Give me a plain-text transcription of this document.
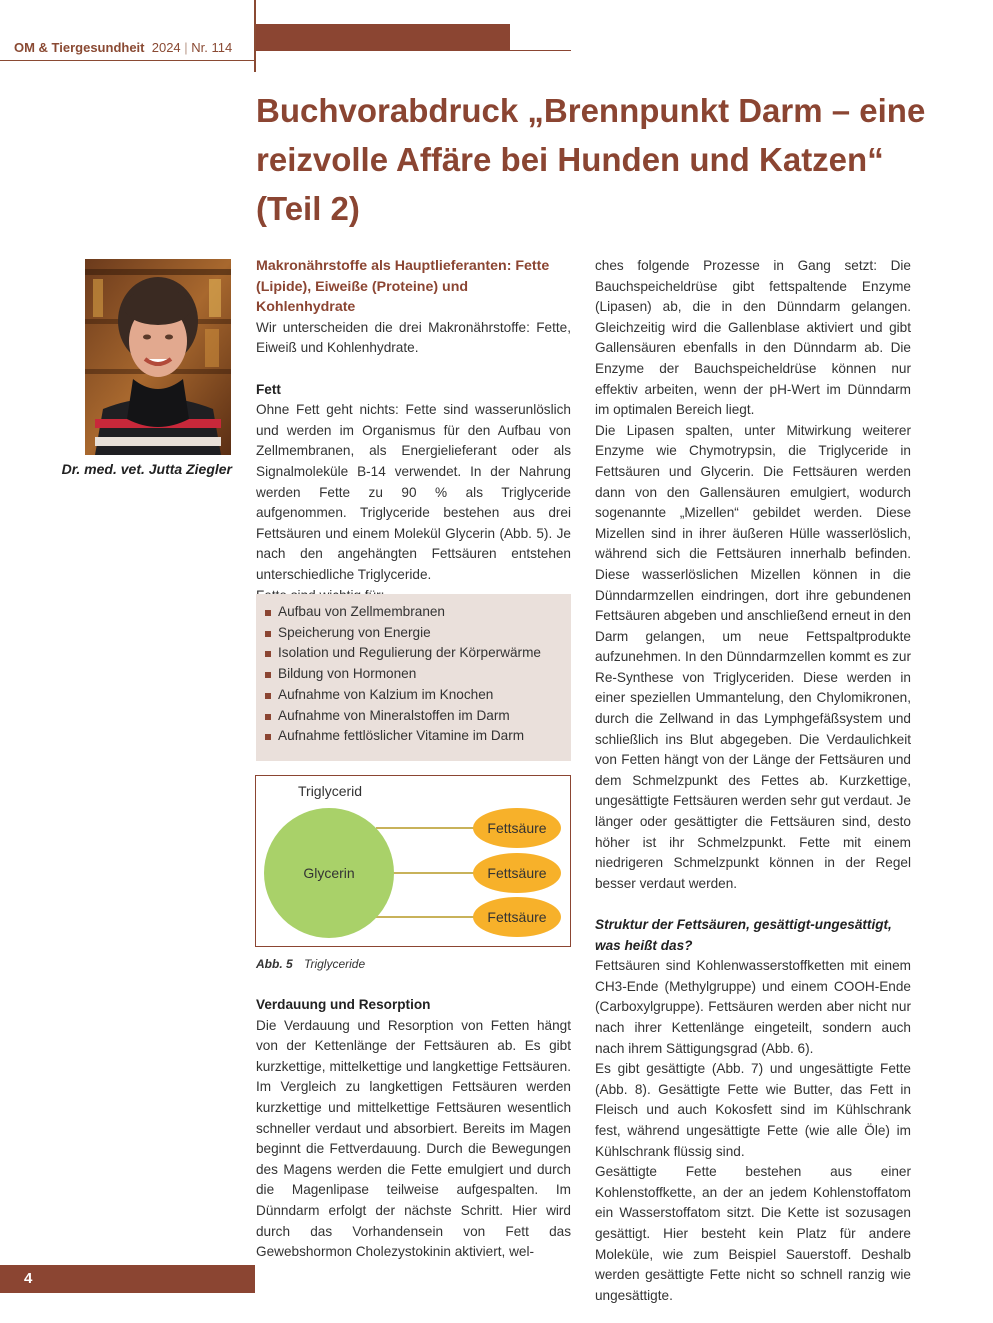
OM & Tiergesundheit 2024 | Nr. 114
Buchvorabdruck „Brennpunkt Darm – eine reizvolle Affäre bei Hunden und Katzen“ (Teil 2)
Dr. med. vet. Jutta Ziegler
Makronährstoffe als Hauptlieferanten: Fette (Lipide), Eiweiße (Proteine) und Kohlenhydrate

Wir unterscheiden die drei Makronährstoffe: Fette, Eiweiß und Kohlenhydrate.

Fett

Ohne Fett geht nichts: Fette sind wasserunlöslich und werden im Organismus für den Aufbau von Zellmembranen, als Energielieferant oder als Signalmoleküle B-14 verwendet. In der Nahrung werden Fette zu 90 % als Triglyceride aufgenommen. Triglyceride bestehen aus drei Fettsäuren und einem Molekül Glycerin (Abb. 5). Je nach den angehängten Fettsäuren entstehen unterschiedliche Triglyceride.

Aufbau von Zellmembranen
Speicherung von Energie
Isolation und Regulierung der Körperwärme
Bildung von Hormonen
Aufnahme von Kalzium im Knochen
Aufnahme von Mineralstoffen im Darm
Aufnahme fettlöslicher Vitamine im Darm
Triglycerid
Glycerin
Fettsäure
Fettsäure
Fettsäure
Abb. 5 Triglyceride
Verdauung und Resorption

Die Verdauung und Resorption von Fetten hängt von der Kettenlänge der Fettsäuren ab. Es gibt kurzkettige, mittelkettige und langkettige Fettsäuren. Im Vergleich zu langkettigen Fettsäuren werden kurzkettige und mittelkettige Fettsäuren wesentlich schneller verdaut und absorbiert. Bereits im Magen beginnt die Fettverdauung. Durch die Bewegungen des Magens werden die Fette emulgiert und durch die Magenlipase teilweise aufgespalten. Im Dünndarm erfolgt der nächste Schritt. Hier wird durch das Vorhandensein von Fett das Gewebshormon Cholezystokinin aktiviert, wel-

ches folgende Prozesse in Gang setzt: Die Bauchspeicheldrüse gibt fettspaltende Enzyme (Lipasen) ab, die in den Dünndarm gelangen. Gleichzeitig wird die Gallenblase aktiviert und gibt Gallensäuren ebenfalls in den Dünndarm ab. Die Enzyme der Bauchspeicheldrüse können nur effektiv arbeiten, wenn der pH-Wert im Dünndarm im optimalen Bereich liegt.

Die Lipasen spalten, unter Mitwirkung weiterer Enzyme wie Chymotrypsin, die Triglyceride in Fettsäuren und Glycerin. Die Fettsäuren werden dann von den Gallensäuren emulgiert, wodurch sogenannte „Mizellen“ gebildet werden. Diese Mizellen sind in ihrer äußeren Hülle wasserlöslich, während sich die Fettsäuren innerhalb befinden. Diese wasserlöslichen Mizellen können in die Dünndarmzellen eindringen, dort ihre gebundenen Fettsäuren abgeben und anschließend erneut in den Darm gelangen, um neue Fettspaltprodukte aufzunehmen. In den Dünndarmzellen kommt es zur Re-Synthese von Triglyceriden. Diese werden in einer speziellen Ummantelung, den Chylomikronen, durch die Zellwand in das Lymphgefäßsystem und schließlich ins Blut abgegeben. Die Verdaulichkeit von Fetten hängt von der Länge der Fettsäuren und dem Schmelzpunkt des Fettes ab. Kurzkettige, ungesättigte Fettsäuren werden sehr gut verdaut. Je länger oder gesättigter die Fettsäuren sind, desto höher ist ihr Schmelzpunkt. Fette mit einem niedrigeren Schmelzpunkt können in der Regel besser verdaut werden.

Struktur der Fettsäuren, gesättigt-ungesättigt, was heißt das?

Fettsäuren sind Kohlenwasserstoffketten mit einem CH3-Ende (Methylgruppe) und einem COOH-Ende (Carboxylgruppe). Fettsäuren werden aber nicht nur nach ihrer Kettenlänge eingeteilt, sondern auch nach ihrem Sättigungsgrad (Abb. 6).

Es gibt gesättigte (Abb. 7) und ungesättigte Fette (Abb. 8). Gesättigte Fette wie Butter, das Fett in Fleisch und auch Kokosfett sind im Kühlschrank fest, während ungesättigte Fette (wie alle Öle) im Kühlschrank flüssig sind.

Gesättigte Fette bestehen aus einer Kohlenstoffkette, an der an jedem Kohlenstoffatom ein Wasserstoffatom sitzt. Die Kette ist sozusagen gesättigt. Hier besteht kein Platz für andere Moleküle, wie zum Beispiel Sauerstoff. Deshalb werden gesättigte Fette nicht so schnell ranzig wie ungesättigte.

4
